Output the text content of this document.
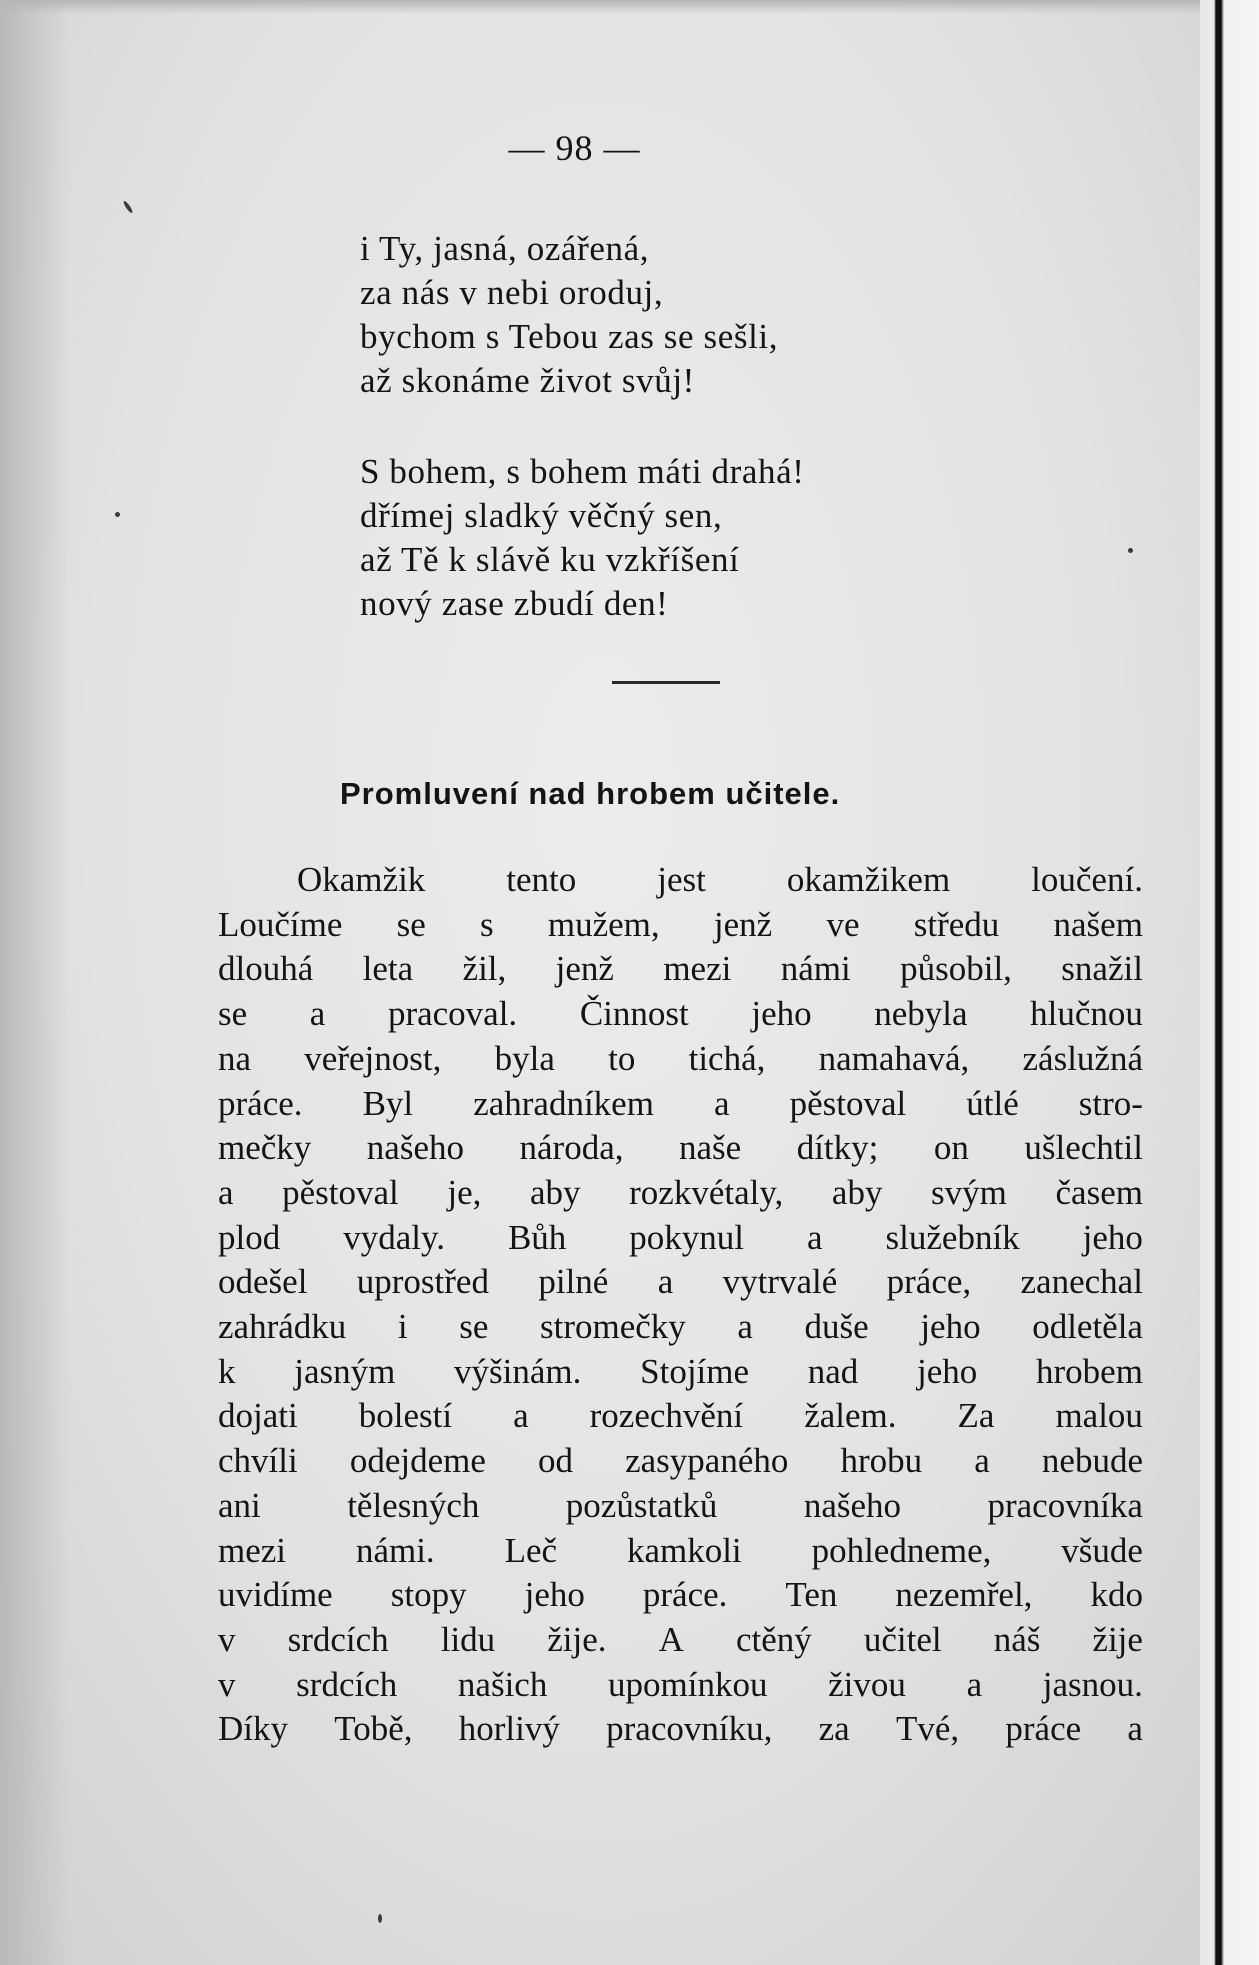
— 98 —
i Ty, jasná, ozářená,
za nás v nebi oroduj,
bychom s Tebou zas se sešli,
až skonáme život svůj!
S bohem, s bohem máti drahá!
dřímej sladký věčný sen,
až Tě k slávě ku vzkříšení
nový zase zbudí den!
Promluvení nad hrobem učitele.
Okamžik tento jest okamžikem loučení.
Loučíme se s mužem, jenž ve středu našem
dlouhá leta žil, jenž mezi námi působil, snažil
se a pracoval. Činnost jeho nebyla hlučnou
na veřejnost, byla to tichá, namahavá, záslužná
práce. Byl zahradníkem a pěstoval útlé stro-
mečky našeho národa, naše dítky; on ušlechtil
a pěstoval je, aby rozkvétaly, aby svým časem
plod vydaly. Bůh pokynul a služebník jeho
odešel uprostřed pilné a vytrvalé práce, zanechal
zahrádku i se stromečky a duše jeho odletěla
k jasným výšinám. Stojíme nad jeho hrobem
dojati bolestí a rozechvění žalem. Za malou
chvíli odejdeme od zasypaného hrobu a nebude
ani tělesných pozůstatků našeho pracovníka
mezi námi. Leč kamkoli pohledneme, všude
uvidíme stopy jeho práce. Ten nezemřel, kdo
v srdcích lidu žije. A ctěný učitel náš žije
v srdcích našich upomínkou živou a jasnou.
Díky Tobě, horlivý pracovníku, za Tvé, práce a
